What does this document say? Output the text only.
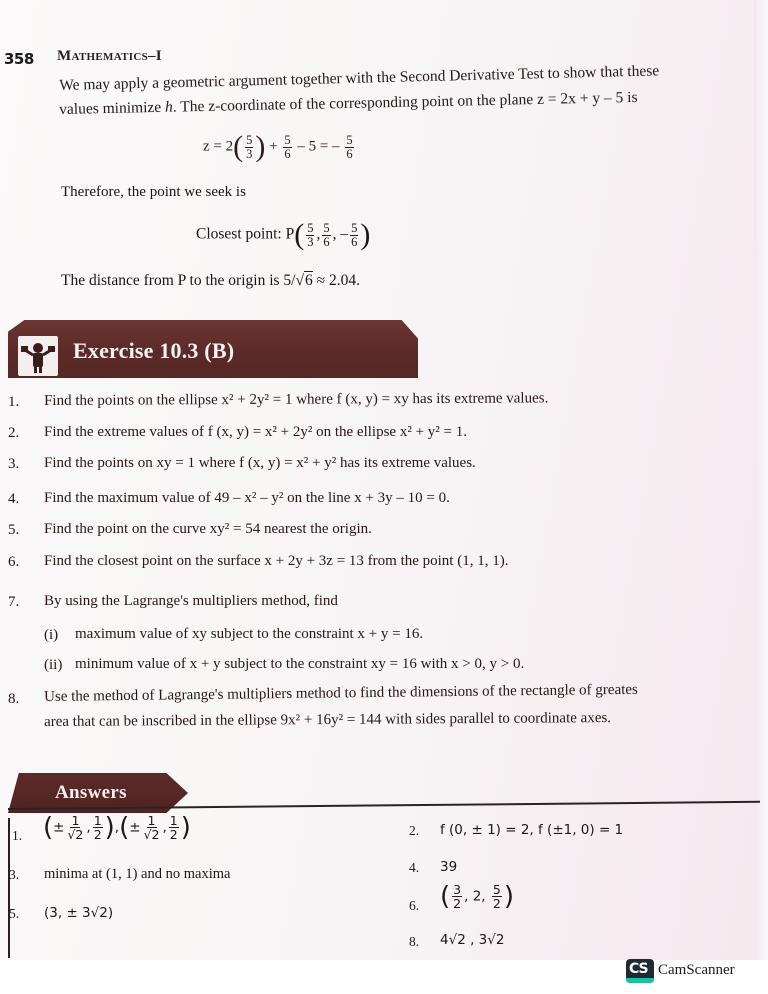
358 Mathematics–I
We may apply a geometric argument together with the Second Derivative Test to show that these
values minimize h. The z-coordinate of the corresponding point on the plane z = 2x + y – 5 is
$z = 2( \frac{5}{3}$ ) + $\frac{5}{6} - 5$ = – $\frac{5}{6}$
Therefore, the point we seek is
Closest point: $P( \frac{5}{3}$ , $\frac{5}{6}$ , – $\frac{5}{6}$ )
The distance from P to the origin is 5/√6 ≈ 2.04.
Exercise 10.3 (B)
1. Find the points on the ellipse x² + 2y² = 1 where f (x, y) = xy has its extreme values.
2. Find the extreme values of f (x, y) = x² + 2y² on the ellipse x² + y² = 1.
3. Find the points on xy = 1 where f (x, y) = x² + y² has its extreme values.
4. Find the maximum value of 49 – x² – y² on the line x + 3y – 10 = 0.
5. Find the point on the curve xy² = 54 nearest the origin.
6. Find the closest point on the surface x + 2y + 3z = 13 from the point (1, 1, 1).
7. By using the Lagrange's multipliers method, find
(i) maximum value of xy subject to the constraint x + y = 16.
(ii) minimum value of x + y subject to the constraint xy = 16 with x > 0, y > 0.
8. Use the method of Lagrange's multipliers method to find the dimensions of the rectangle of greates
area that can be inscribed in the ellipse 9x² + 16y² = 144 with sides parallel to coordinate axes.
Answers
1. (± $\frac{1}{√2}$ , $\frac{1}{2}$ ),(± $\frac{1}{√2}$ , $\frac{1}{2}$ )	2. f (0, ± 1) = 2, f (±1, 0) = 1
3. minima at (1, 1) and no maxima	4. 39
5. (3, ± 3√2)	6. ( $\frac{3}{2}$ , 2, $\frac{5}{2}$ )
8. 4√2 , 3√2
CS CamScanner
